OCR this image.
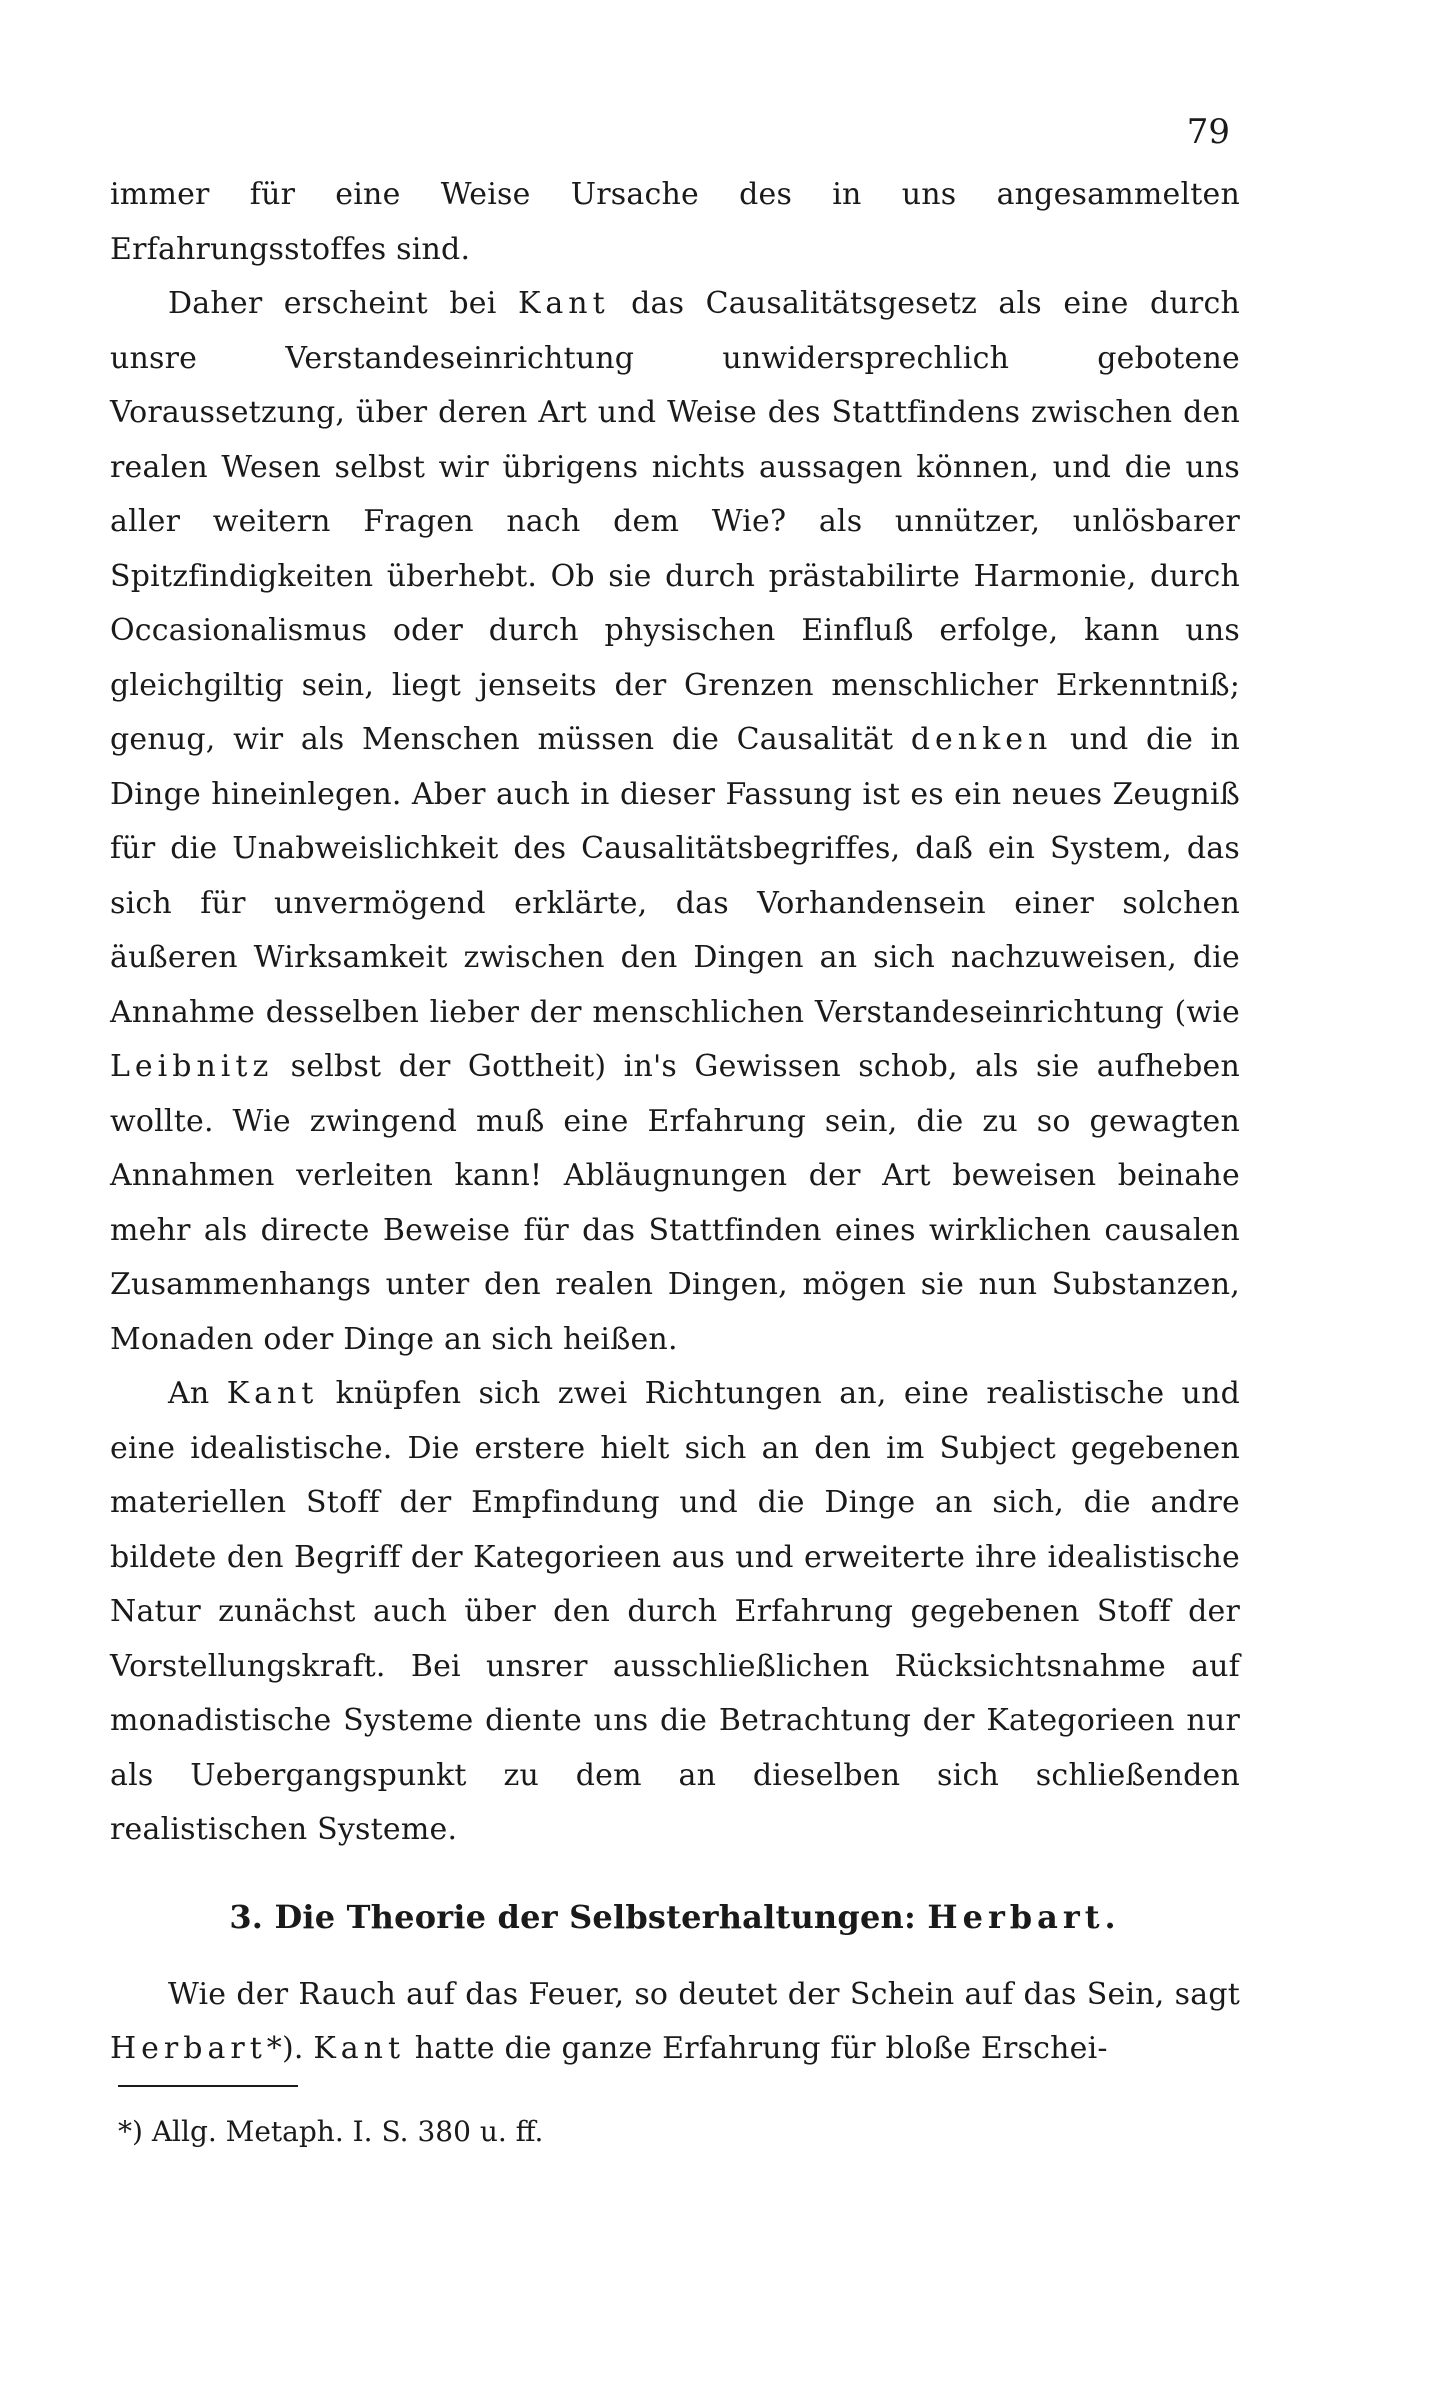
79

immer für eine Weise Ursache des in uns angesammelten Erfahrungsstoffes sind.

Daher erscheint bei Kant das Causalitätsgesetz als eine durch unsre Verstandeseinrichtung unwidersprechlich gebotene Voraussetzung, über deren Art und Weise des Stattfindens zwischen den realen Wesen selbst wir übrigens nichts aussagen können, und die uns aller weitern Fragen nach dem Wie? als unnützer, unlösbarer Spitzfindigkeiten überhebt. Ob sie durch prästabilirte Harmonie, durch Occasionalismus oder durch physischen Einfluß erfolge, kann uns gleichgiltig sein, liegt jenseits der Grenzen menschlicher Erkenntniß; genug, wir als Menschen müssen die Causalität denken und die in Dinge hineinlegen. Aber auch in dieser Fassung ist es ein neues Zeugniß für die Unabweislichkeit des Causalitätsbegriffes, daß ein System, das sich für unvermögend erklärte, das Vorhandensein einer solchen äußeren Wirksamkeit zwischen den Dingen an sich nachzuweisen, die Annahme desselben lieber der menschlichen Verstandeseinrichtung (wie Leibnitz selbst der Gottheit) in's Gewissen schob, als sie aufheben wollte. Wie zwingend muß eine Erfahrung sein, die zu so gewagten Annahmen verleiten kann! Abläugnungen der Art beweisen beinahe mehr als directe Beweise für das Stattfinden eines wirklichen causalen Zusammenhangs unter den realen Dingen, mögen sie nun Substanzen, Monaden oder Dinge an sich heißen.

An Kant knüpfen sich zwei Richtungen an, eine realistische und eine idealistische. Die erstere hielt sich an den im Subject gegebenen materiellen Stoff der Empfindung und die Dinge an sich, die andre bildete den Begriff der Kategorieen aus und erweiterte ihre idealistische Natur zunächst auch über den durch Erfahrung gegebenen Stoff der Vorstellungskraft. Bei unsrer ausschließlichen Rücksichtsnahme auf monadistische Systeme diente uns die Betrachtung der Kategorieen nur als Uebergangspunkt zu dem an dieselben sich schließenden realistischen Systeme.

3. Die Theorie der Selbsterhaltungen: Herbart.

Wie der Rauch auf das Feuer, so deutet der Schein auf das Sein, sagt Herbart*). Kant hatte die ganze Erfahrung für bloße Erschei-

*) Allg. Metaph. I. S. 380 u. ff.
